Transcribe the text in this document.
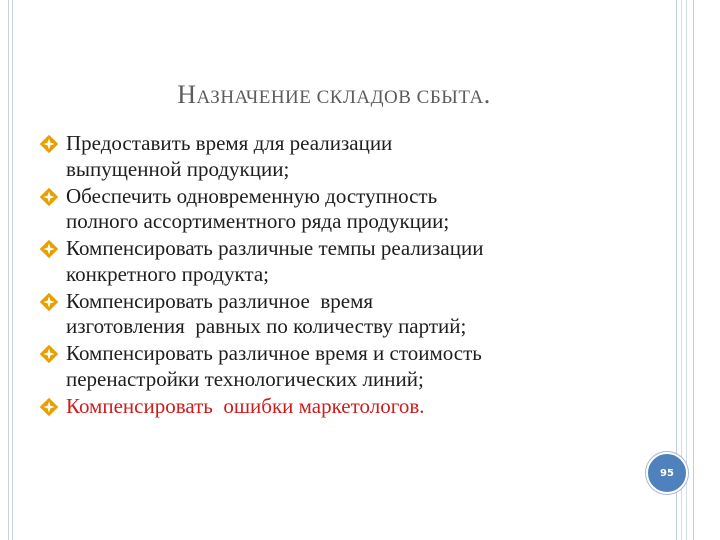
НАЗНАЧЕНИЕ СКЛАДОВ СБЫТА.
Предоставить время для реализации
выпущенной продукции;
Обеспечить одновременную доступность
полного ассортиментного ряда продукции;
Компенсировать различные темпы реализации
конкретного продукта;
Компенсировать различное  время
изготовления  равных по количеству партий;
Компенсировать различное время и стоимость
перенастройки технологических линий;
Компенсировать  ошибки маркетологов.
95
